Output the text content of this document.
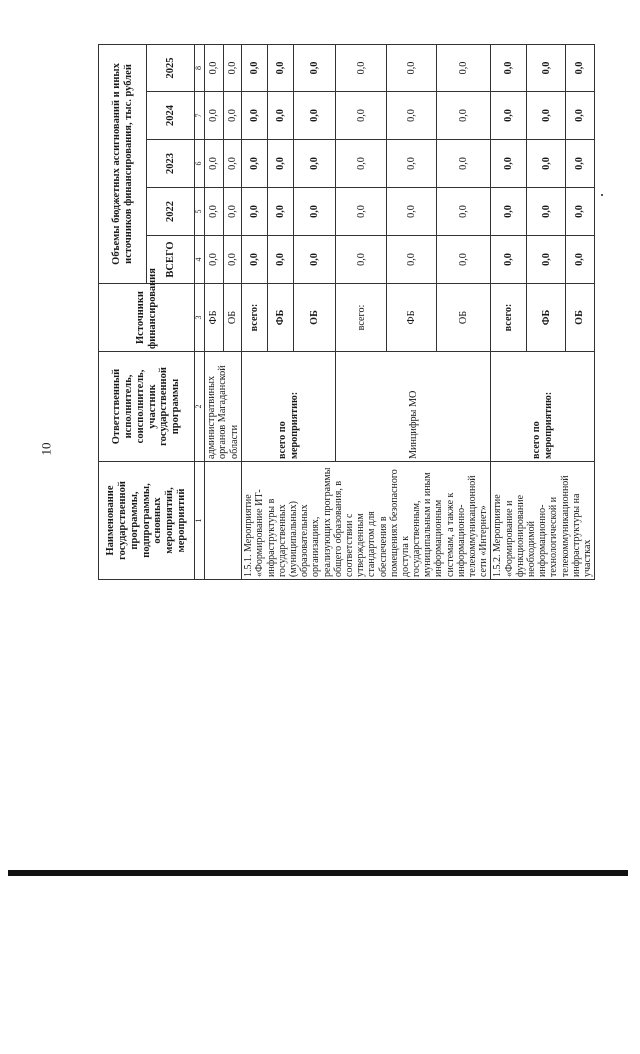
10
Наименование государственной программы, подпрограммы, основных мероприятий, мероприятий	Ответственный исполнитель, соисполнитель, участник государственной программы	Источники финансирования	Объемы бюджетных ассигнований и иных источников финансирования, тыс. рублей				
			ВСЕГО	2022	2023	2024	2025
1	2	3	4	5	6	7	8
	администратвиных органов Магаданской области	ФБ	0,0	0,0	0,0	0,0	0,0
		ОБ	0,0	0,0	0,0	0,0	0,0
1.5.1. Мероприятие «Формирование ИТ-инфраструктуры в государственных (муниципальных) образовательных организациях, реализующих программы общего образования, в соответствии с утвержденным стандартом для обеспечения в помещениях безопасного доступа к государственным, муниципальным и иным информационным системам, а также к информационно-телекоммуникационной сети «Интернет»	всего по мероприятию:	всего:	0,0	0,0	0,0	0,0	0,0
		ФБ	0,0	0,0	0,0	0,0	0,0
		ОБ	0,0	0,0	0,0	0,0	0,0
	Минцифры МО	всего:	0,0	0,0	0,0	0,0	0,0
		ФБ	0,0	0,0	0,0	0,0	0,0
		ОБ	0,0	0,0	0,0	0,0	0,0
1.5.2. Мероприятие «Формирование и функционирование необходимой информационно-технологической и телекоммуникационной инфраструктуры на участках	всего по мероприятию:	всего:	0,0	0,0	0,0	0,0	0,0
		ФБ	0,0	0,0	0,0	0,0	0,0
		ОБ	0,0	0,0	0,0	0,0	0,0
